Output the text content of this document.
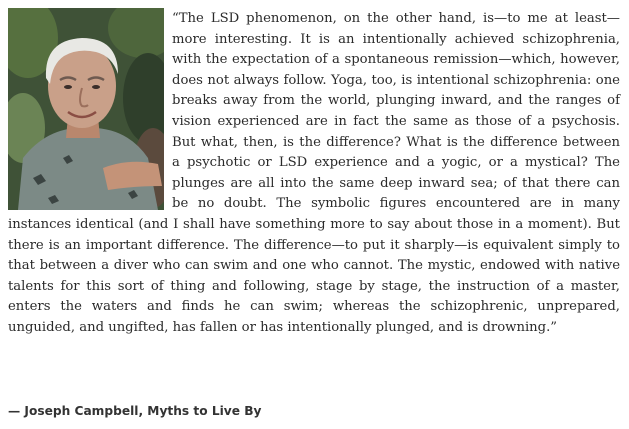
“The LSD phenomenon, on the other hand, is—to me at least—more interesting. It is an intentionally achieved schizophrenia, with the expectation of a spontaneous remission—which, however, does not always follow. Yoga, too, is intentional schizophrenia: one breaks away from the world, plunging inward, and the ranges of vision experienced are in fact the same as those of a psychosis. But what, then, is the difference? What is the difference between a psychotic or LSD experience and a yogic, or a mystical? The plunges are all into the same deep inward sea; of that there can be no doubt. The symbolic figures encountered are in many instances identical (and I shall have something more to say about those in a moment). But there is an important difference. The difference—to put it sharply—is equivalent simply to that between a diver who can swim and one who cannot. The mystic, endowed with native talents for this sort of thing and following, stage by stage, the instruction of a master, enters the waters and finds he can swim; whereas the schizophrenic, unprepared, unguided, and ungifted, has fallen or has intentionally plunged, and is drowning.”

— Joseph Campbell, Myths to Live By
